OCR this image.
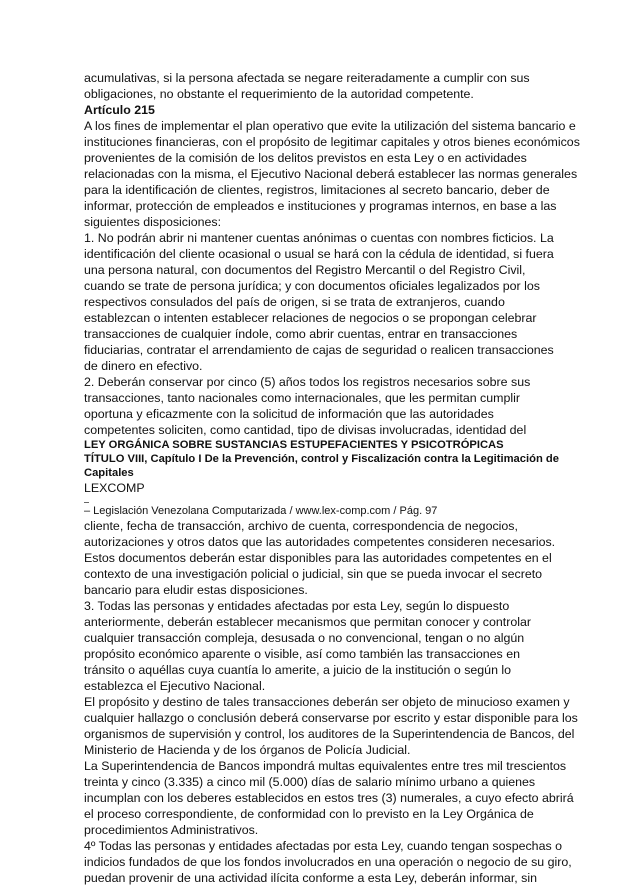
acumulativas, si la persona afectada se negare reiteradamente a cumplir con sus
obligaciones, no obstante el requerimiento de la autoridad competente.
Artículo 215
A los fines de implementar el plan operativo que evite la utilización del sistema bancario e
instituciones financieras, con el propósito de legitimar capitales y otros bienes económicos
provenientes de la comisión de los delitos previstos en esta Ley o en actividades
relacionadas con la misma, el Ejecutivo Nacional deberá establecer las normas generales
para la identificación de clientes, registros, limitaciones al secreto bancario, deber de
informar, protección de empleados e instituciones y programas internos, en base a las
siguientes disposiciones:
1. No podrán abrir ni mantener cuentas anónimas o cuentas con nombres ficticios. La
identificación del cliente ocasional o usual se hará con la cédula de identidad, si fuera
una persona natural, con documentos del Registro Mercantil o del Registro Civil,
cuando se trate de persona jurídica; y con documentos oficiales legalizados por los
respectivos consulados del país de origen, si se trata de extranjeros, cuando
establezcan o intenten establecer relaciones de negocios o se propongan celebrar
transacciones de cualquier índole, como abrir cuentas, entrar en transacciones
fiduciarias, contratar el arrendamiento de cajas de seguridad o realicen transacciones
de dinero en efectivo.
2. Deberán conservar por cinco (5) años todos los registros necesarios sobre sus
transacciones, tanto nacionales como internacionales, que les permitan cumplir
oportuna y eficazmente con la solicitud de información que las autoridades
competentes soliciten, como cantidad, tipo de divisas involucradas, identidad del
LEY ORGÁNICA SOBRE SUSTANCIAS ESTUPEFACIENTES Y PSICOTRÓPICAS
TÍTULO VIII, Capítulo I De la Prevención, control y Fiscalización contra la Legitimación de
Capitales
LEXCOMP
– Legislación Venezolana Computarizada / www.lex-comp.com / Pág. 97
cliente, fecha de transacción, archivo de cuenta, correspondencia de negocios,
autorizaciones y otros datos que las autoridades competentes consideren necesarios.
Estos documentos deberán estar disponibles para las autoridades competentes en el
contexto de una investigación policial o judicial, sin que se pueda invocar el secreto
bancario para eludir estas disposiciones.
3. Todas las personas y entidades afectadas por esta Ley, según lo dispuesto
anteriormente, deberán establecer mecanismos que permitan conocer y controlar
cualquier transacción compleja, desusada o no convencional, tengan o no algún
propósito económico aparente o visible, así como también las transacciones en
tránsito o aquéllas cuya cuantía lo amerite, a juicio de la institución o según lo
establezca el Ejecutivo Nacional.
El propósito y destino de tales transacciones deberán ser objeto de minucioso examen y
cualquier hallazgo o conclusión deberá conservarse por escrito y estar disponible para los
organismos de supervisión y control, los auditores de la Superintendencia de Bancos, del
Ministerio de Hacienda y de los órganos de Policía Judicial.
La Superintendencia de Bancos impondrá multas equivalentes entre tres mil trescientos
treinta y cinco (3.335) a cinco mil (5.000) días de salario mínimo urbano a quienes
incumplan con los deberes establecidos en estos tres (3) numerales, a cuyo efecto abrirá
el proceso correspondiente, de conformidad con lo previsto en la Ley Orgánica de
procedimientos Administrativos.
4º Todas las personas y entidades afectadas por esta Ley, cuando tengan sospechas o
indicios fundados de que los fondos involucrados en una operación o negocio de su giro,
puedan provenir de una actividad ilícita conforme a esta Ley, deberán informar, sin
